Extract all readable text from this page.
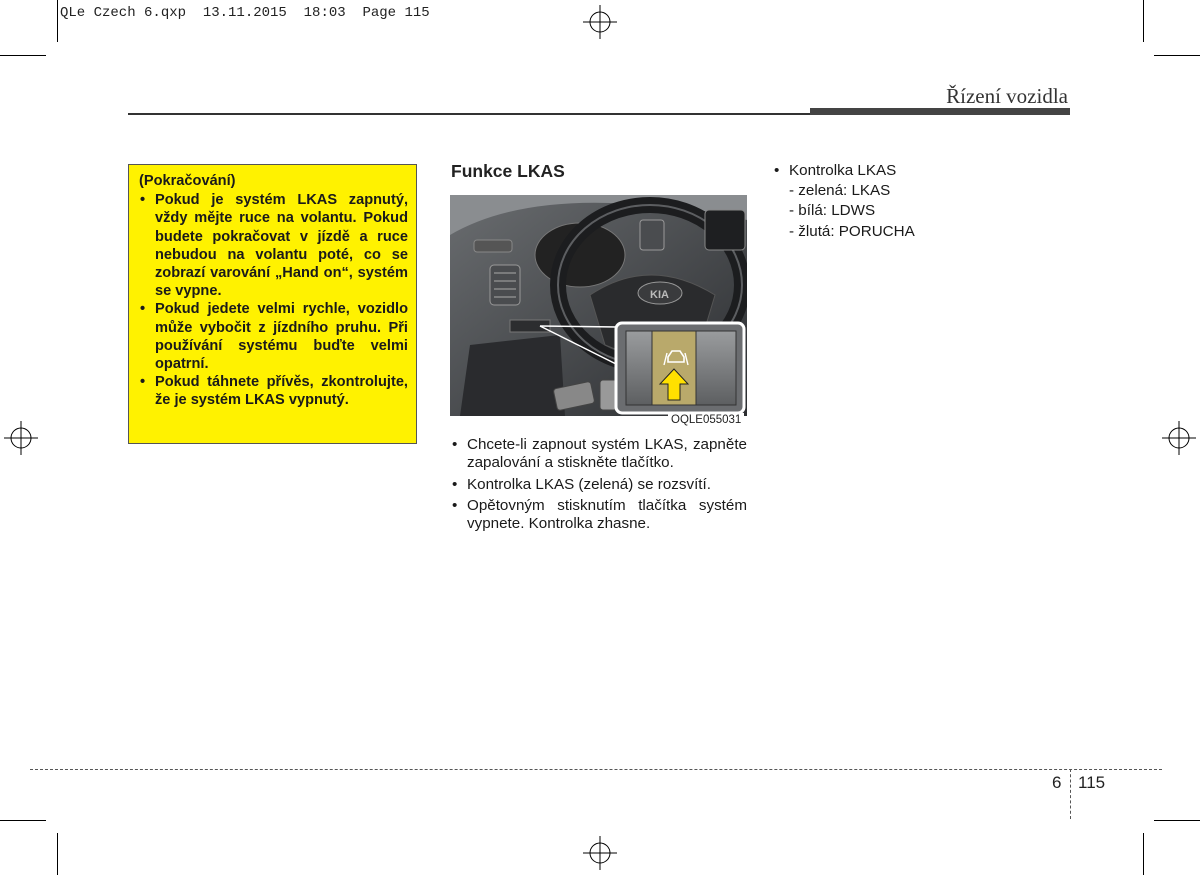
QLe Czech 6.qxp  13.11.2015  18:03  Page 115
Řízení vozidla
(Pokračování)
• Pokud je systém LKAS zapnutý, vždy mějte ruce na volantu. Pokud budete pokračovat v jízdě a ruce nebudou na volantu poté, co se zobrazí varování „Hand on“, systém se vypne.
• Pokud jedete velmi rychle, vozidlo může vybočit z jízdního pruhu. Při používání systému buďte velmi opatrní.
• Pokud táhnete přívěs, zkontrolujte, že je systém LKAS vypnutý.
Funkce LKAS
KIA
OQLE055031
• Chcete-li zapnout systém LKAS, zapněte zapalování a stiskněte tlačítko.
• Kontrolka LKAS (zelená) se rozsvítí.
• Opětovným stisknutím tlačítka systém vypnete. Kontrolka zhasne.
• Kontrolka LKAS
- zelená: LKAS
- bílá: LDWS
- žlutá: PORUCHA
6 115
